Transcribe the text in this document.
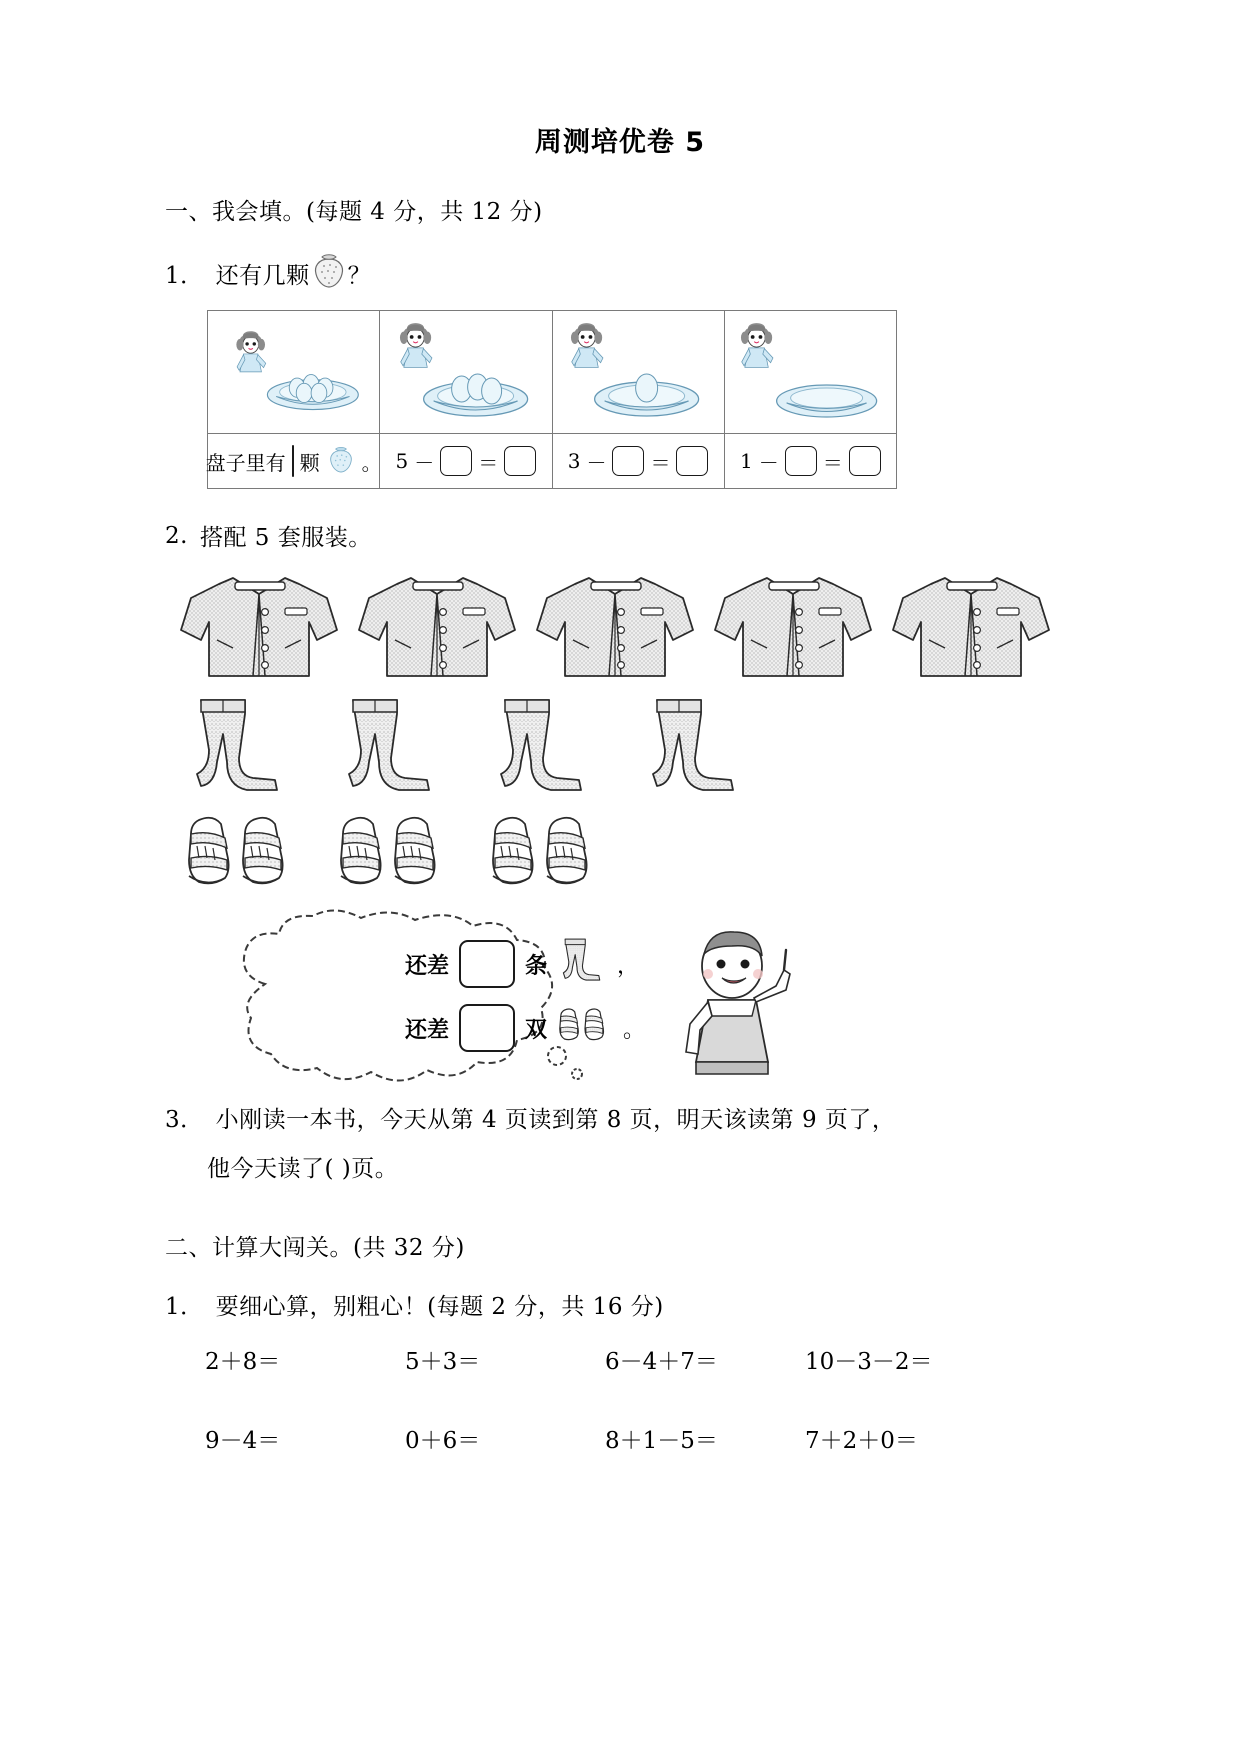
周测培优卷 5
一、我会填。(每题 4 分，共 12 分)
1． 还有几颗 ？

盘子里有 颗 。	5 － ＝	3 － ＝	1 － ＝
2. 搭配 5 套服装。
还差	条	，
还差	双	。
3． 小刚读一本书，今天从第 4 页读到第 8 页，明天该读第 9 页了，
他今天读了( )页。
二、计算大闯关。(共 32 分)
1． 要细心算，别粗心！(每题 2 分，共 16 分)
2＋8＝	5＋3＝	6－4＋7＝	10－3－2＝
9－4＝	0＋6＝	8＋1－5＝	7＋2＋0＝
